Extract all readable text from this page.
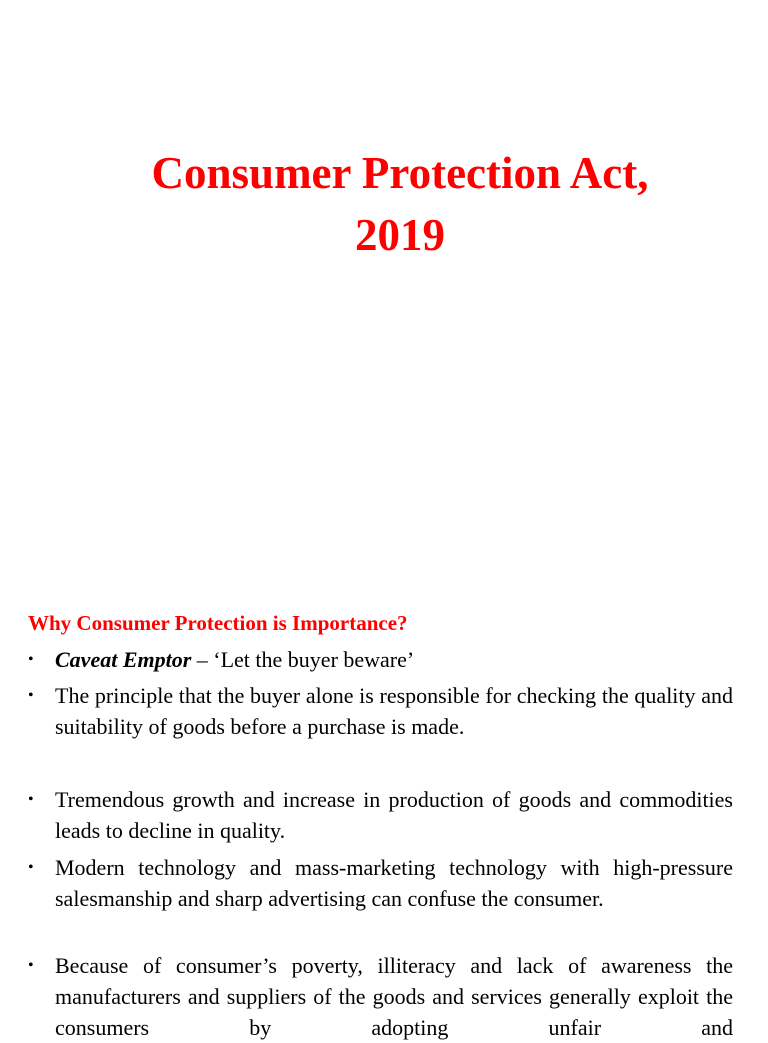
Consumer Protection Act,
2019
Why Consumer Protection is Importance?
• Caveat Emptor – ‘Let the buyer beware’
• The principle that the buyer alone is responsible for checking the quality and suitability of goods before a purchase is made.
• Tremendous growth and increase in production of goods and commodities leads to decline in quality.
• Modern technology and mass-marketing technology with high-pressure salesmanship and sharp advertising can confuse the consumer.
• Because of consumer’s poverty, illiteracy and lack of awareness the manufacturers and suppliers of the goods and services generally exploit the consumers by adopting unfair and
